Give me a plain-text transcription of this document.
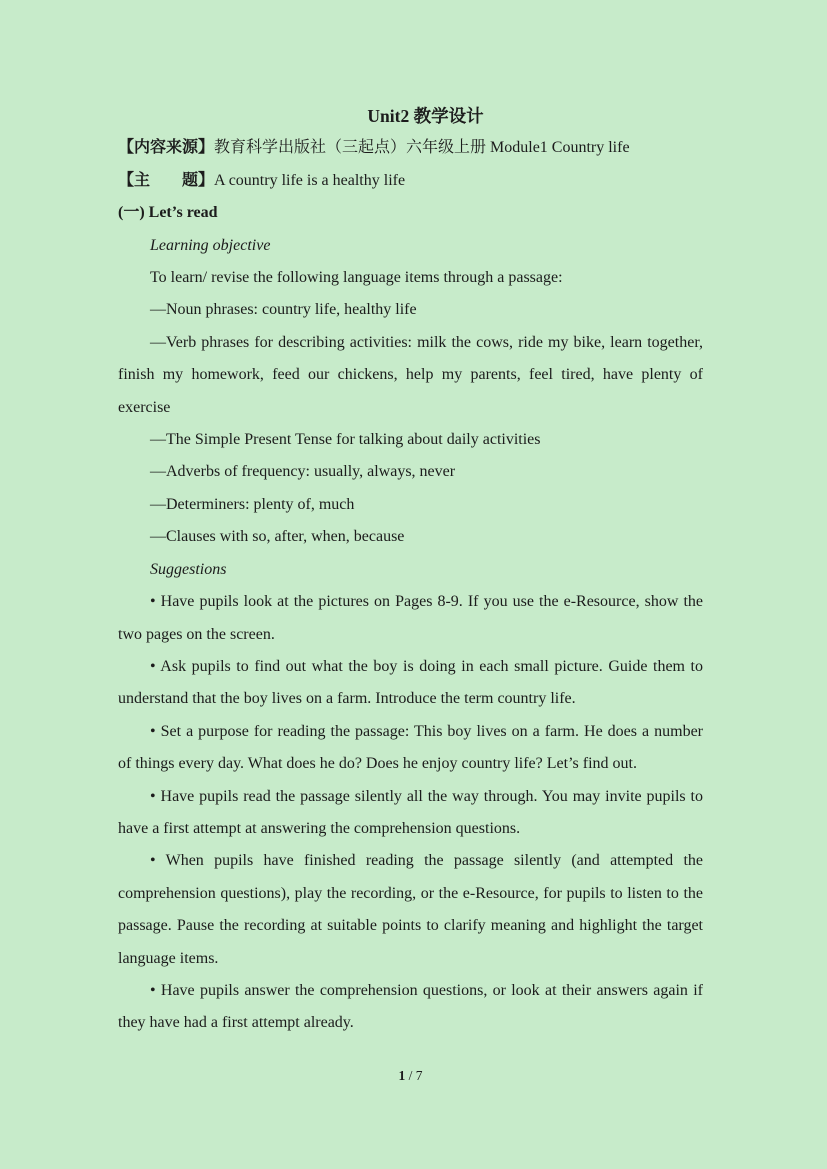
Unit2 教学设计

【内容来源】教育科学出版社（三起点）六年级上册 Module1 Country life

【主　　题】A country life is a healthy life

(一) Let’s read

Learning objective

To learn/ revise the following language items through a passage:

—Noun phrases: country life, healthy life

—Verb phrases for describing activities: milk the cows, ride my bike, learn together, finish my homework, feed our chickens, help my parents, feel tired, have plenty of exercise

—The Simple Present Tense for talking about daily activities

—Adverbs of frequency: usually, always, never

—Determiners: plenty of, much

—Clauses with so, after, when, because

Suggestions

• Have pupils look at the pictures on Pages 8-9. If you use the e-Resource, show the two pages on the screen.

• Ask pupils to find out what the boy is doing in each small picture. Guide them to understand that the boy lives on a farm. Introduce the term country life.

• Set a purpose for reading the passage: This boy lives on a farm. He does a number of things every day. What does he do? Does he enjoy country life? Let’s find out.

• Have pupils read the passage silently all the way through. You may invite pupils to have a first attempt at answering the comprehension questions.

• When pupils have finished reading the passage silently (and attempted the comprehension questions), play the recording, or the e-Resource, for pupils to listen to the passage. Pause the recording at suitable points to clarify meaning and highlight the target language items.

• Have pupils answer the comprehension questions, or look at their answers again if they have had a first attempt already.

1 / 7
